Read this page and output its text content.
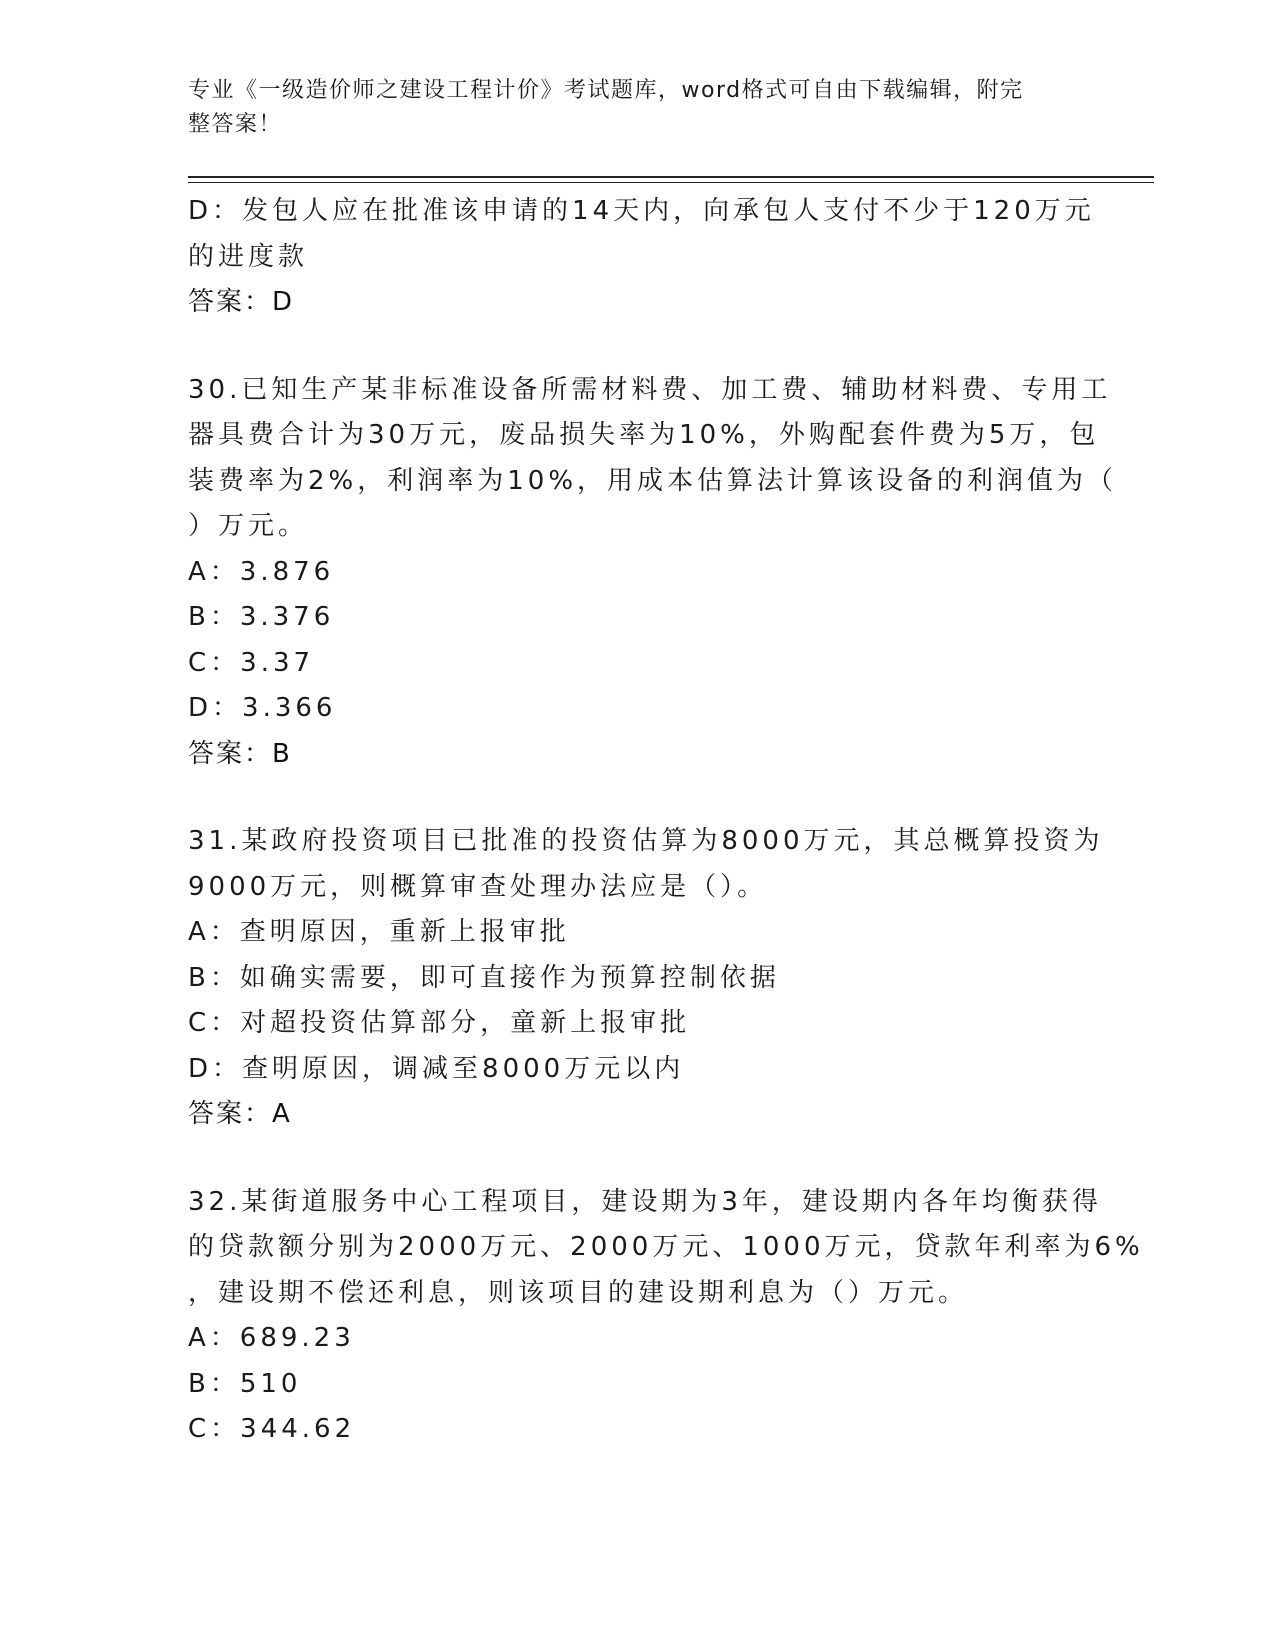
专业《一级造价师之建设工程计价》考试题库，word格式可自由下载编辑，附完
整答案！
D：发包人应在批准该申请的14天内，向承包人支付不少于120万元
的进度款
答案：D
30.已知生产某非标准设备所需材料费、加工费、辅助材料费、专用工
器具费合计为30万元，废品损失率为10%，外购配套件费为5万，包
装费率为2%，利润率为10%，用成本估算法计算该设备的利润值为（
）万元。
A：3.876
B：3.376
C：3.37
D：3.366
答案：B
31.某政府投资项目已批准的投资估算为8000万元，其总概算投资为
9000万元，则概算审查处理办法应是（）。
A：查明原因，重新上报审批
B：如确实需要，即可直接作为预算控制依据
C：对超投资估算部分，童新上报审批
D：查明原因，调减至8000万元以内
答案：A
32.某街道服务中心工程项目，建设期为3年，建设期内各年均衡获得
的贷款额分别为2000万元、2000万元、1000万元，贷款年利率为6%
，建设期不偿还利息，则该项目的建设期利息为（）万元。
A：689.23
B：510
C：344.62
